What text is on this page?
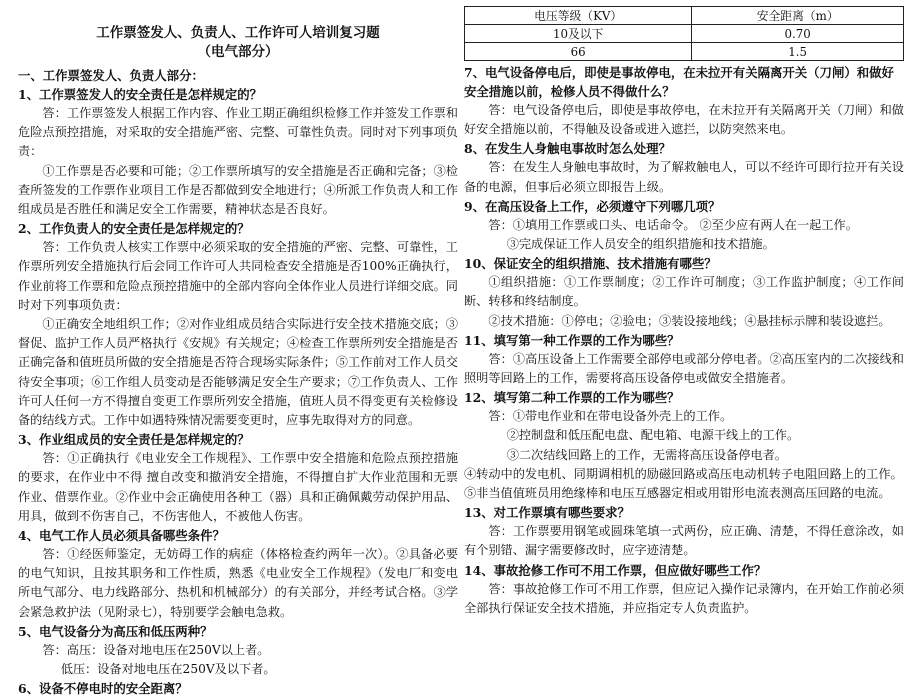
工作票签发人、负责人、工作许可人培训复习题
（电气部分）
一、工作票签发人、负责人部分：
1、工作票签发人的安全责任是怎样规定的？

答：工作票签发人根据工作内容、作业工期正确组织检修工作并签发工作票和危险点预控措施，对采取的安全措施严密、完整、可靠性负责。同时对下列事项负责：

①工作票是否必要和可能；②工作票所填写的安全措施是否正确和完备；③检查所签发的工作票作业项目工作是否都做到安全地进行；④所派工作负责人和工作组成员是否胜任和满足安全工作需要，精神状态是否良好。

2、工作负责人的安全责任是怎样规定的？

答：工作负责人核实工作票中必须采取的安全措施的严密、完整、可靠性，工作票所列安全措施执行后会同工作许可人共同检查安全措施是否100%正确执行，作业前将工作票和危险点预控措施中的全部内容向全体作业人员进行详细交底。同时对下列事项负责：

①正确安全地组织工作；②对作业组成员结合实际进行安全技术措施交底；③督促、监护工作人员严格执行《安规》有关规定；④检查工作票所列安全措施是否正确完备和值班员所做的安全措施是否符合现场实际条件；⑤工作前对工作人员交待安全事项；⑥工作组人员变动是否能够满足安全生产要求；⑦工作负责人、工作许可人任何一方不得擅自变更工作票所列安全措施，值班人员不得变更有关检修设备的结线方式。工作中如遇特殊情况需要变更时，应事先取得对方的同意。

3、作业组成员的安全责任是怎样规定的？

答：①正确执行《电业安全工作规程》、工作票中安全措施和危险点预控措施的要求，在作业中不得 擅自改变和撤消安全措施，不得擅自扩大作业范围和无票作业、借票作业。②作业中会正确使用各种工（器）具和正确佩戴劳动保护用品、用具，做到不伤害自己，不伤害他人，不被他人伤害。

4、电气工作人员必须具备哪些条件？

答：①经医师鉴定，无妨碍工作的病症（体格检查约两年一次）。②具备必要的电气知识，且按其职务和工作性质，熟悉《电业安全工作规程》（发电厂和变电所电气部分、电力线路部分、热机和机械部分）的有关部分，并经考试合格。③学会紧急救护法（见附录七），特别要学会触电急救。

5、电气设备分为高压和低压两种？

答：高压：设备对地电压在250V以上者。

低压：设备对地电压在250V及以下者。

6、设备不停电时的安全距离？
电压等级（KV）	安全距离（m）
10及以下	0.70
66	1.5
7、电气设备停电后，即使是事故停电，在未拉开有关隔离开关（刀闸）和做好安全措施以前，检修人员不得做什么？

答：电气设备停电后，即使是事故停电，在未拉开有关隔离开关（刀闸）和做好安全措施以前，不得触及设备或进入遮拦，以防突然来电。

8、在发生人身触电事故时怎么处理？

答：在发生人身触电事故时，为了解救触电人，可以不经许可即行拉开有关设备的电源，但事后必须立即报告上级。

9、在高压设备上工作，必须遵守下列哪几项？

答：①填用工作票或口头、电话命令。 ②至少应有两人在一起工作。

③完成保证工作人员安全的组织措施和技术措施。

10、保证安全的组织措施、技术措施有哪些？

①组织措施：①工作票制度；②工作许可制度；③工作监护制度；④工作间断、转移和终结制度。

②技术措施：①停电；②验电；③装设接地线；④悬挂标示牌和装设遮拦。

11、填写第一种工作票的工作为哪些？

答：①高压设备上工作需要全部停电或部分停电者。②高压室内的二次接线和照明等回路上的工作，需要将高压设备停电或做安全措施者。

12、填写第二种工作票的工作为哪些？

答：①带电作业和在带电设备外壳上的工作。

②控制盘和低压配电盘、配电箱、电源干线上的工作。

③二次结线回路上的工作，无需将高压设备停电者。

④转动中的发电机、同期调相机的励磁回路或高压电动机转子电阻回路上的工作。

⑤非当值值班员用绝缘棒和电压互感器定相或用钳形电流表测高压回路的电流。

13、对工作票填有哪些要求？

答：工作票要用钢笔或圆珠笔填一式两份，应正确、清楚，不得任意涂改，如有个别错、漏字需要修改时，应字迹清楚。

14、事故抢修工作可不用工作票，但应做好哪些工作？

答：事故抢修工作可不用工作票，但应记入操作记录簿内，在开始工作前必须全部执行保证安全技术措施，并应指定专人负责监护。
